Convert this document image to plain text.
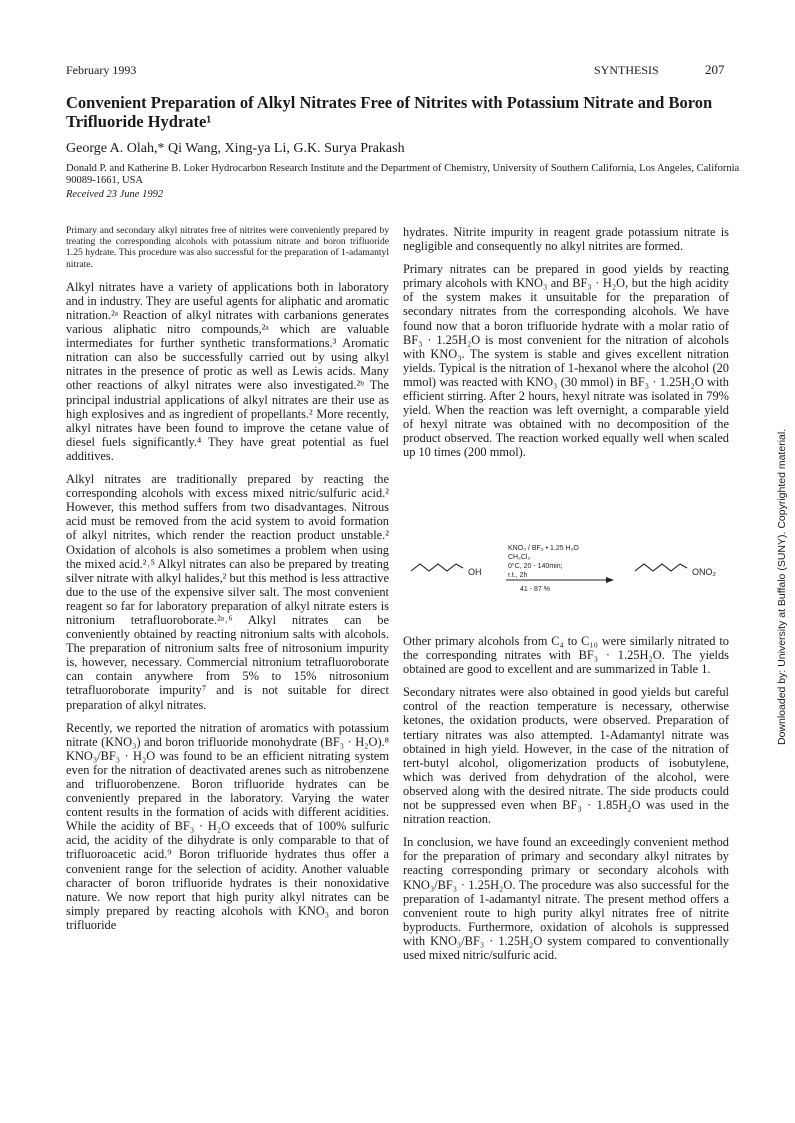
February 1993	SYNTHESIS	207
Convenient Preparation of Alkyl Nitrates Free of Nitrites with Potassium Nitrate and Boron Trifluoride Hydrate¹
George A. Olah,* Qi Wang, Xing-ya Li, G.K. Surya Prakash
Donald P. and Katherine B. Loker Hydrocarbon Research Institute and the Department of Chemistry, University of Southern California, Los Angeles, California 90089-1661, USA
Received 23 June 1992

Primary and secondary alkyl nitrates free of nitrites were conveniently prepared by treating the corresponding alcohols with potassium nitrate and boron trifluoride 1.25 hydrate. This procedure was also successful for the preparation of 1-adamantyl nitrate.

Alkyl nitrates have a variety of applications both in laboratory and in industry. They are useful agents for aliphatic and aromatic nitration.²ᵃ Reaction of alkyl nitrates with carbanions generates various aliphatic nitro compounds,²ᵃ which are valuable intermediates for further synthetic transformations.³ Aromatic nitration can also be successfully carried out by using alkyl nitrates in the presence of protic as well as Lewis acids. Many other reactions of alkyl nitrates were also investigated.²ᵇ The principal industrial applications of alkyl nitrates are their use as high explosives and as ingredient of propellants.² More recently, alkyl nitrates have been found to improve the cetane value of diesel fuels significantly.⁴ They have great potential as fuel additives.

Alkyl nitrates are traditionally prepared by reacting the corresponding alcohols with excess mixed nitric/sulfuric acid.² However, this method suffers from two disadvantages. Nitrous acid must be removed from the acid system to avoid formation of alkyl nitrites, which render the reaction product unstable.² Oxidation of alcohols is also sometimes a problem when using the mixed acid.²˒⁵ Alkyl nitrates can also be prepared by treating silver nitrate with alkyl halides,² but this method is less attractive due to the use of the expensive silver salt. The most convenient reagent so far for laboratory preparation of alkyl nitrate esters is nitronium tetrafluoroborate.²ᵃ˒⁶ Alkyl nitrates can be conveniently obtained by reacting nitronium salts with alcohols. The preparation of nitronium salts free of nitrosonium impurity is, however, necessary. Commercial nitronium tetrafluoroborate can contain anywhere from 5% to 15% nitrosonium tetrafluoroborate impurity⁷ and is not suitable for direct preparation of alkyl nitrates.

Recently, we reported the nitration of aromatics with potassium nitrate (KNO₃) and boron trifluoride monohydrate (BF₃ · H₂O).⁸ KNO₃/BF₃ · H₂O was found to be an efficient nitrating system even for the nitration of deactivated arenes such as nitrobenzene and trifluorobenzene. Boron trifluoride hydrates can be conveniently prepared in the laboratory. Varying the water content results in the formation of acids with different acidities. While the acidity of BF₃ · H₂O exceeds that of 100% sulfuric acid, the acidity of the dihydrate is only comparable to that of trifluoroacetic acid.⁹ Boron trifluoride hydrates thus offer a convenient range for the selection of acidity. Another valuable character of boron trifluoride hydrates is their nonoxidative nature. We now report that high purity alkyl nitrates can be simply prepared by reacting alcohols with KNO₃ and boron trifluoride

hydrates. Nitrite impurity in reagent grade potassium nitrate is negligible and consequently no alkyl nitrites are formed.

Primary nitrates can be prepared in good yields by reacting primary alcohols with KNO₃ and BF₃ · H₂O, but the high acidity of the system makes it unsuitable for the preparation of secondary nitrates from the corresponding alcohols. We have found now that a boron trifluoride hydrate with a molar ratio of BF₃ · 1.25H₂O is most convenient for the nitration of alcohols with KNO₃. The system is stable and gives excellent nitration yields. Typical is the nitration of 1-hexanol where the alcohol (20 mmol) was reacted with KNO₃ (30 mmol) in BF₃ · 1.25H₂O with efficient stirring. After 2 hours, hexyl nitrate was isolated in 79% yield. When the reaction was left overnight, a comparable yield of hexyl nitrate was obtained with no decomposition of the product observed. The reaction worked equally well when scaled up 10 times (200 mmol).

OH
KNO₃ / BF₃ • 1.25 H₂O
CH₂Cl₂
0°C, 20 - 140min;
r.t., 2h
41 - 87 %
ONO₂

Other primary alcohols from C₄ to C₁₀ were similarly nitrated to the corresponding nitrates with BF₃ · 1.25H₂O. The yields obtained are good to excellent and are summarized in Table 1.

Secondary nitrates were also obtained in good yields but careful control of the reaction temperature is necessary, otherwise ketones, the oxidation products, were observed. Preparation of tertiary nitrates was also attempted. 1-Adamantyl nitrate was obtained in high yield. However, in the case of the nitration of tert-butyl alcohol, oligomerization products of isobutylene, which was derived from dehydration of the alcohol, were observed along with the desired nitrate. The side products could not be suppressed even when BF₃ · 1.85H₂O was used in the nitration reaction.

In conclusion, we have found an exceedingly convenient method for the preparation of primary and secondary alkyl nitrates by reacting corresponding primary or secondary alcohols with KNO₃/BF₃ · 1.25H₂O. The procedure was also successful for the preparation of 1-adamantyl nitrate. The present method offers a convenient route to high purity alkyl nitrates free of nitrite byproducts. Furthermore, oxidation of alcohols is suppressed with KNO₃/BF₃ · 1.25H₂O system compared to conventionally used mixed nitric/sulfuric acid.

Downloaded by: University at Buffalo (SUNY). Copyrighted material.
